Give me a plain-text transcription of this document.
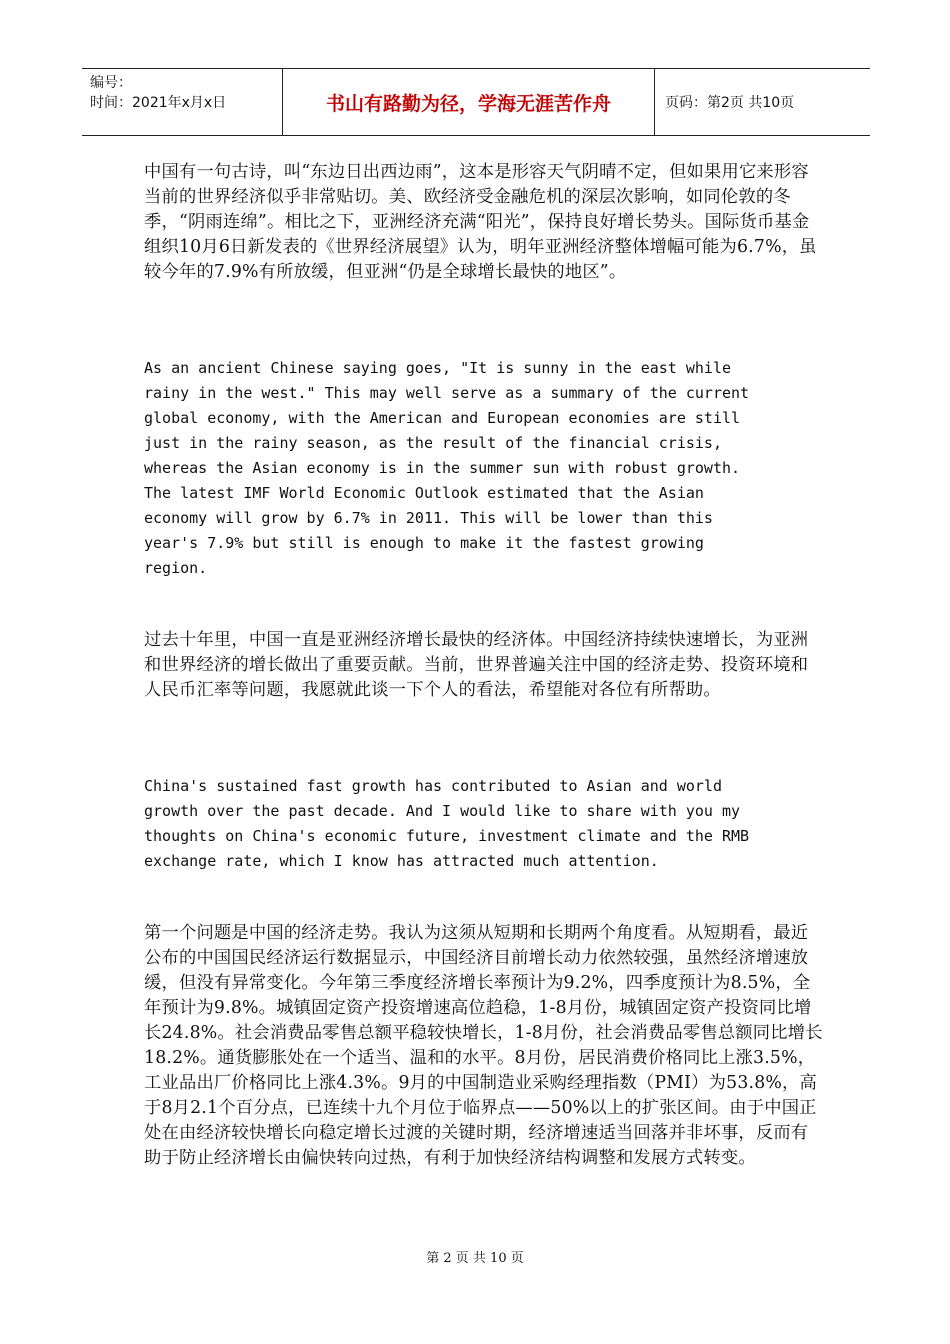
编号：
时间：2021年x月x日	书山有路勤为径，学海无涯苦作舟	页码：第2页 共10页

中国有一句古诗，叫“东边日出西边雨”，这本是形容天气阴晴不定，但如果用它来形容当前的世界经济似乎非常贴切。美、欧经济受金融危机的深层次影响，如同伦敦的冬季，“阴雨连绵”。相比之下，亚洲经济充满“阳光”，保持良好增长势头。国际货币基金组织10月6日新发表的《世界经济展望》认为，明年亚洲经济整体增幅可能为6.7%，虽较今年的7.9%有所放缓，但亚洲“仍是全球增长最快的地区”。

As an ancient Chinese saying goes, "It is sunny in the east while
rainy in the west." This may well serve as a summary of the current
global economy, with the American and European economies are still
just in the rainy season, as the result of the financial crisis,
whereas the Asian economy is in the summer sun with robust growth.
The latest IMF World Economic Outlook estimated that the Asian
economy will grow by 6.7% in 2011. This will be lower than this
year's 7.9% but still is enough to make it the fastest growing
region.

过去十年里，中国一直是亚洲经济增长最快的经济体。中国经济持续快速增长，为亚洲和世界经济的增长做出了重要贡献。当前，世界普遍关注中国的经济走势、投资环境和人民币汇率等问题，我愿就此谈一下个人的看法，希望能对各位有所帮助。

China's sustained fast growth has contributed to Asian and world
growth over the past decade. And I would like to share with you my
thoughts on China's economic future, investment climate and the RMB
exchange rate, which I know has attracted much attention.

第一个问题是中国的经济走势。我认为这须从短期和长期两个角度看。从短期看，最近公布的中国国民经济运行数据显示，中国经济目前增长动力依然较强，虽然经济增速放缓，但没有异常变化。今年第三季度经济增长率预计为9.2%，四季度预计为8.5%，全年预计为9.8%。城镇固定资产投资增速高位趋稳，1-8月份，城镇固定资产投资同比增长24.8%。社会消费品零售总额平稳较快增长，1-8月份，社会消费品零售总额同比增长18.2%。通货膨胀处在一个适当、温和的水平。8月份，居民消费价格同比上涨3.5%，工业品出厂价格同比上涨4.3%。9月的中国制造业采购经理指数（PMI）为53.8%，高于8月2.1个百分点，已连续十九个月位于临界点——50%以上的扩张区间。由于中国正处在由经济较快增长向稳定增长过渡的关键时期，经济增速适当回落并非坏事，反而有助于防止经济增长由偏快转向过热，有利于加快经济结构调整和发展方式转变。

第 2 页 共 10 页
